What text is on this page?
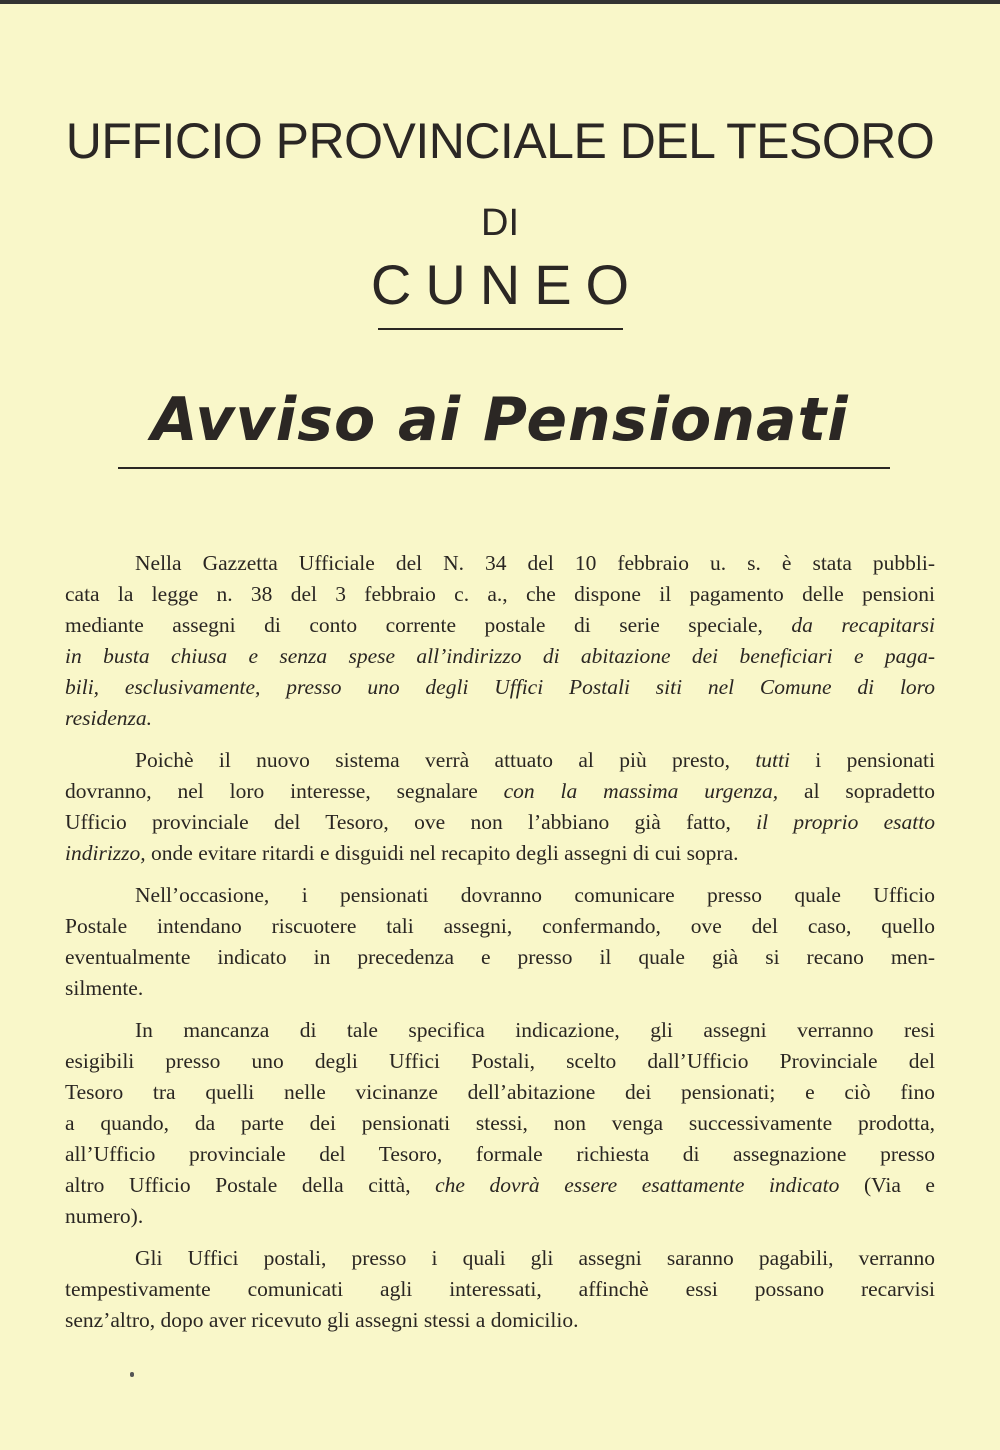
UFFICIO PROVINCIALE DEL TESORO
DI
CUNEO
Avviso ai Pensionati
Nella Gazzetta Ufficiale del N. 34 del 10 febbraio u. s. è stata pubbli-
cata la legge n. 38 del 3 febbraio c. a., che dispone il pagamento delle pensioni
mediante assegni di conto corrente postale di serie speciale, da recapitarsi
in busta chiusa e senza spese all’indirizzo di abitazione dei beneficiari e paga-
bili, esclusivamente, presso uno degli Uffici Postali siti nel Comune di loro
residenza.
Poichè il nuovo sistema verrà attuato al più presto, tutti i pensionati
dovranno, nel loro interesse, segnalare con la massima urgenza, al sopradetto
Ufficio provinciale del Tesoro, ove non l’abbiano già fatto, il proprio esatto
indirizzo, onde evitare ritardi e disguidi nel recapito degli assegni di cui sopra.
Nell’occasione, i pensionati dovranno comunicare presso quale Ufficio
Postale intendano riscuotere tali assegni, confermando, ove del caso, quello
eventualmente indicato in precedenza e presso il quale già si recano men-
silmente.
In mancanza di tale specifica indicazione, gli assegni verranno resi
esigibili presso uno degli Uffici Postali, scelto dall’Ufficio Provinciale del
Tesoro tra quelli nelle vicinanze dell’abitazione dei pensionati; e ciò fino
a quando, da parte dei pensionati stessi, non venga successivamente prodotta,
all’Ufficio provinciale del Tesoro, formale richiesta di assegnazione presso
altro Ufficio Postale della città, che dovrà essere esattamente indicato (Via e
numero).
Gli Uffici postali, presso i quali gli assegni saranno pagabili, verranno
tempestivamente comunicati agli interessati, affinchè essi possano recarvisi
senz’altro, dopo aver ricevuto gli assegni stessi a domicilio.
